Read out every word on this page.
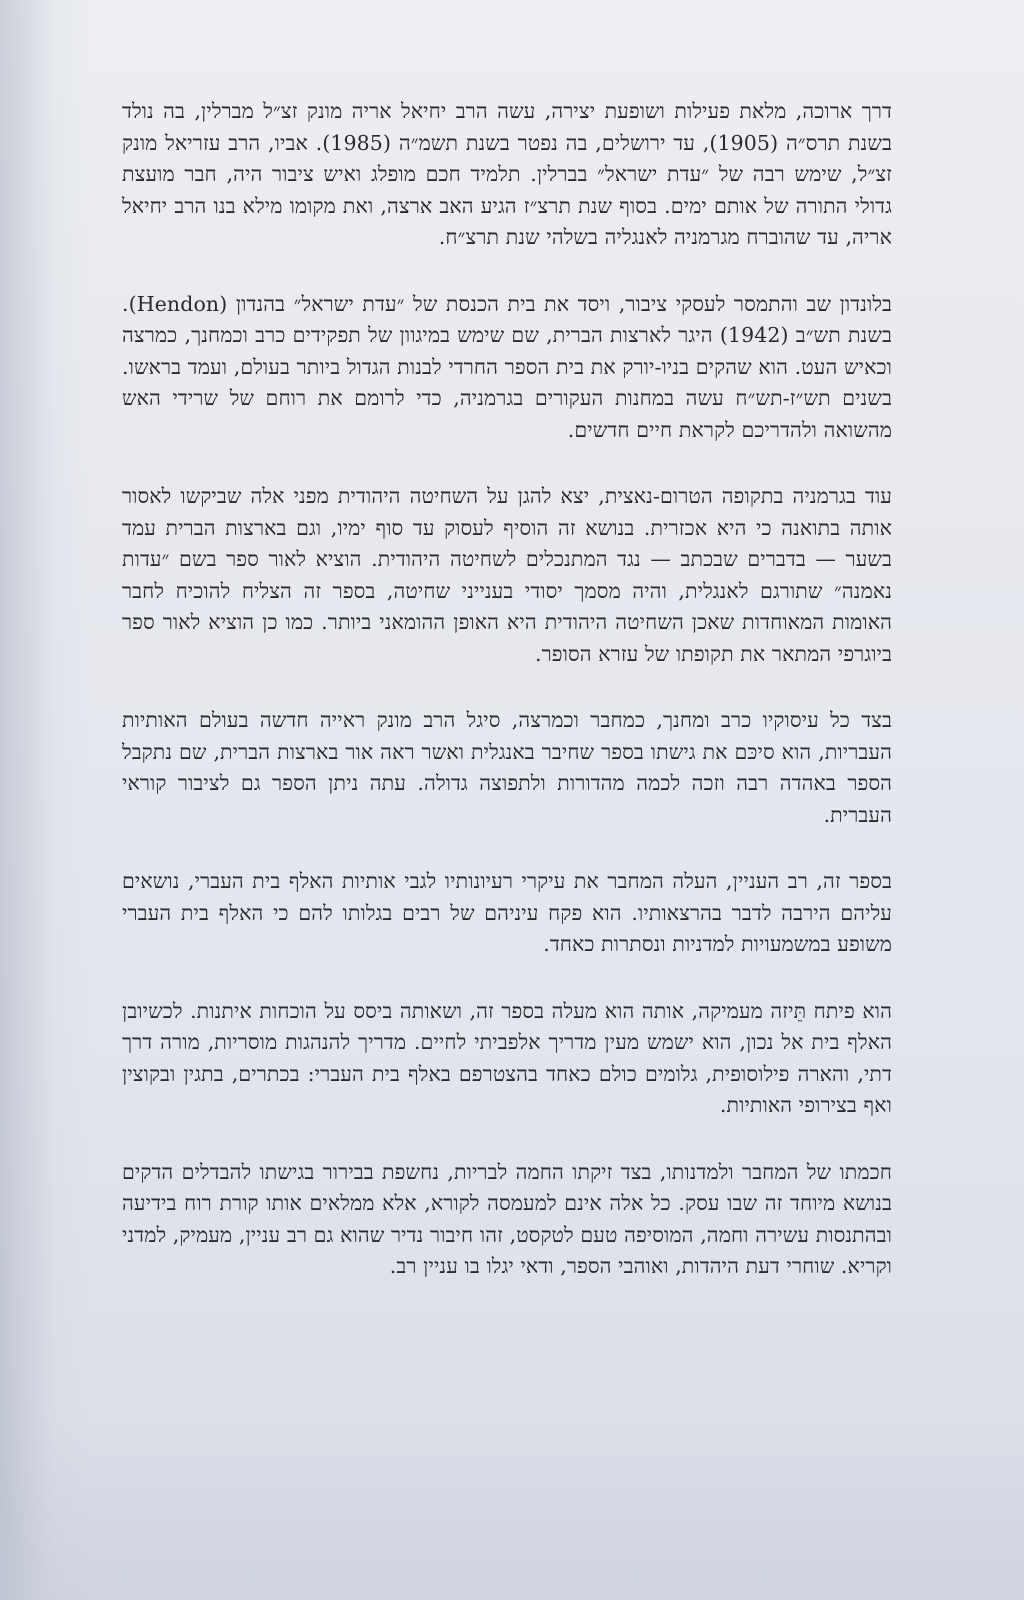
דרך ארוכה, מלאת פעילות ושופעת יצירה, עשה הרב יחיאל אריה מונק זצ״ל מברלין, בה נולד בשנת תרס״ה (1905), עד ירושלים, בה נפטר בשנת תשמ״ה (1985). אביו, הרב עזריאל מונק זצ״ל, שימש רבה של ״עדת ישראל״ בברלין. תלמיד חכם מופלג ואיש ציבור היה, חבר מועצת גדולי התורה של אותם ימים. בסוף שנת תרצ״ז הגיע האב ארצה, ואת מקומו מילא בנו הרב יחיאל אריה, עד שהוברח מגרמניה לאנגליה בשלהי שנת תרצ״ח.

בלונדון שב והתמסר לעסקי ציבור, ויסד את בית הכנסת של ״עדת ישראל״ בהנדון (Hendon). בשנת תש״ב (1942) היגר לארצות הברית, שם שימש במיגוון של תפקידים כרב וכמחנך, כמרצה וכאיש העט. הוא שהקים בניו-יורק את בית הספר החרדי לבנות הגדול ביותר בעולם, ועמד בראשו. בשנים תש״ז-תש״ח עשה במחנות העקורים בגרמניה, כדי לרומם את רוחם של שרידי האש מהשואה ולהדריכם לקראת חיים חדשים.

עוד בגרמניה בתקופה הטרום-נאצית, יצא להגן על השחיטה היהודית מפני אלה שביקשו לאסור אותה בתואנה כי היא אכזרית. בנושא זה הוסיף לעסוק עד סוף ימיו, וגם בארצות הברית עמד בשער — בדברים שבכתב — נגד המתנכלים לשחיטה היהודית. הוציא לאור ספר בשם ״עדות נאמנה״ שתורגם לאנגלית, והיה מסמך יסודי בענייני שחיטה, בספר זה הצליח להוכיח לחבר האומות המאוחדות שאכן השחיטה היהודית היא האופן ההומאני ביותר. כמו כן הוציא לאור ספר ביוגרפי המתאר את תקופתו של עזרא הסופר.

בצד כל עיסוקיו כרב ומחנך, כמחבר וכמרצה, סיגל הרב מונק ראייה חדשה בעולם האותיות העבריות, הוא סיכּם את גישתו בספר שחיבר באנגלית ואשר ראה אור בארצות הברית, שם נתקבל הספר באהדה רבה וזכה לכמה מהדורות ולתפוצה גדולה. עתה ניתן הספר גם לציבור קוראי העברית.

בספר זה, רב העניין, העלה המחבר את עיקרי רעיונותיו לגבי אותיות האלף בית העברי, נושאים עליהם הירבה לדבר בהרצאותיו. הוא פקח עיניהם של רבים בגלותו להם כי האלף בית העברי משופע במשמעויות למדניות ונסתרות כאחד.

הוא פיתח תֵּיזה מעמיקה, אותה הוא מעלה בספר זה, ושאותה ביסס על הוכחות איתנות. לכשיובן האלף בית אל נכון, הוא ישמש מעין מדריך אלפביתי לחיים. מדריך להנהגות מוסריות, מורה דרך דתי, והארה פילוסופית, גלומים כולם כאחד בהצטרפם באלף בית העברי: בכתרים, בתגין ובקוצין ואף בצירופי האותיות.

חכמתו של המחבר ולמדנותו, בצד זיקתו החמה לבריות, נחשפת בבירור בגישתו להבדלים הדקים בנושא מיוחד זה שבו עסק. כל אלה אינם למעמסה לקורא, אלא ממלאים אותו קורת רוח בידיעה ובהתנסות עשירה וחמה, המוסיפה טעם לטקסט, זהו חיבור נדיר שהוא גם רב עניין, מעמיק, למדני וקריא. שוחרי דעת היהדות, ואוהבי הספר, ודאי יגלו בו עניין רב.
